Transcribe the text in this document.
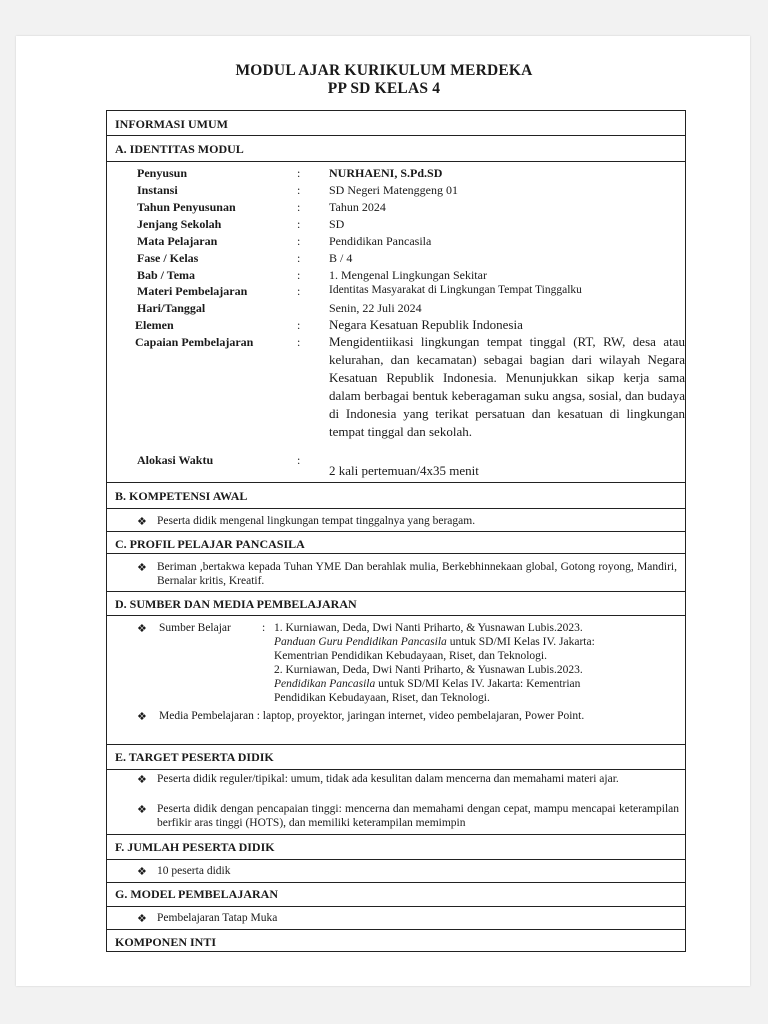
MODUL AJAR KURIKULUM MERDEKA
PP SD KELAS 4
INFORMASI UMUM
A. IDENTITAS MODUL
B. KOMPETENSI AWAL
C. PROFIL PELAJAR PANCASILA
D. SUMBER DAN MEDIA PEMBELAJARAN
E. TARGET PESERTA DIDIK
F. JUMLAH PESERTA DIDIK
G. MODEL PEMBELAJARAN
KOMPONEN INTI
Penyusun
Instansi
Tahun Penyusunan
Jenjang Sekolah
Mata Pelajaran
Fase / Kelas
Bab / Tema
Materi Pembelajaran
Hari/Tanggal
Elemen
Capaian Pembelajaran
Alokasi Waktu
:
:
:
:
:
:
:
:
:
:
:
NURHAENI, S.Pd.SD
SD Negeri Matenggeng 01
Tahun 2024
SD
Pendidikan Pancasila
B / 4
1. Mengenal Lingkungan Sekitar
Identitas Masyarakat di Lingkungan Tempat Tinggalku
Senin, 22 Juli 2024
Negara Kesatuan Republik Indonesia
Mengidentiikasi lingkungan tempat tinggal (RT, RW, desa atau kelurahan, dan kecamatan) sebagai bagian dari wilayah Negara Kesatuan Republik Indonesia. Menunjukkan sikap kerja sama dalam berbagai bentuk keberagaman suku angsa, sosial, dan budaya di Indonesia yang terikat persatuan dan kesatuan di lingkungan tempat tinggal dan sekolah.
2 kali pertemuan/4x35 menit
❖ Peserta didik mengenal lingkungan tempat tinggalnya yang beragam.
❖ Beriman ,bertakwa kepada Tuhan YME Dan berahlak mulia, Berkebhinnekaan global, Gotong royong, Mandiri, Bernalar kritis, Kreatif.
❖ Sumber Belajar	: 1. Kurniawan, Deda, Dwi Nanti Priharto, & Yusnawan Lubis.2023.
Panduan Guru Pendidikan Pancasila untuk SD/MI Kelas IV. Jakarta:
Kementrian Pendidikan Kebudayaan, Riset, dan Teknologi.
2. Kurniawan, Deda, Dwi Nanti Priharto, & Yusnawan Lubis.2023.
Pendidikan Pancasila untuk SD/MI Kelas IV. Jakarta: Kementrian
Pendidikan Kebudayaan, Riset, dan Teknologi.
❖ Media Pembelajaran : laptop, proyektor, jaringan internet, video pembelajaran, Power Point.
❖ Peserta didik reguler/tipikal: umum, tidak ada kesulitan dalam mencerna dan memahami materi ajar.
❖ Peserta didik dengan pencapaian tinggi: mencerna dan memahami dengan cepat, mampu mencapai keterampilan berfikir aras tinggi (HOTS), dan memiliki keterampilan memimpin
❖ 10 peserta didik
❖ Pembelajaran Tatap Muka
